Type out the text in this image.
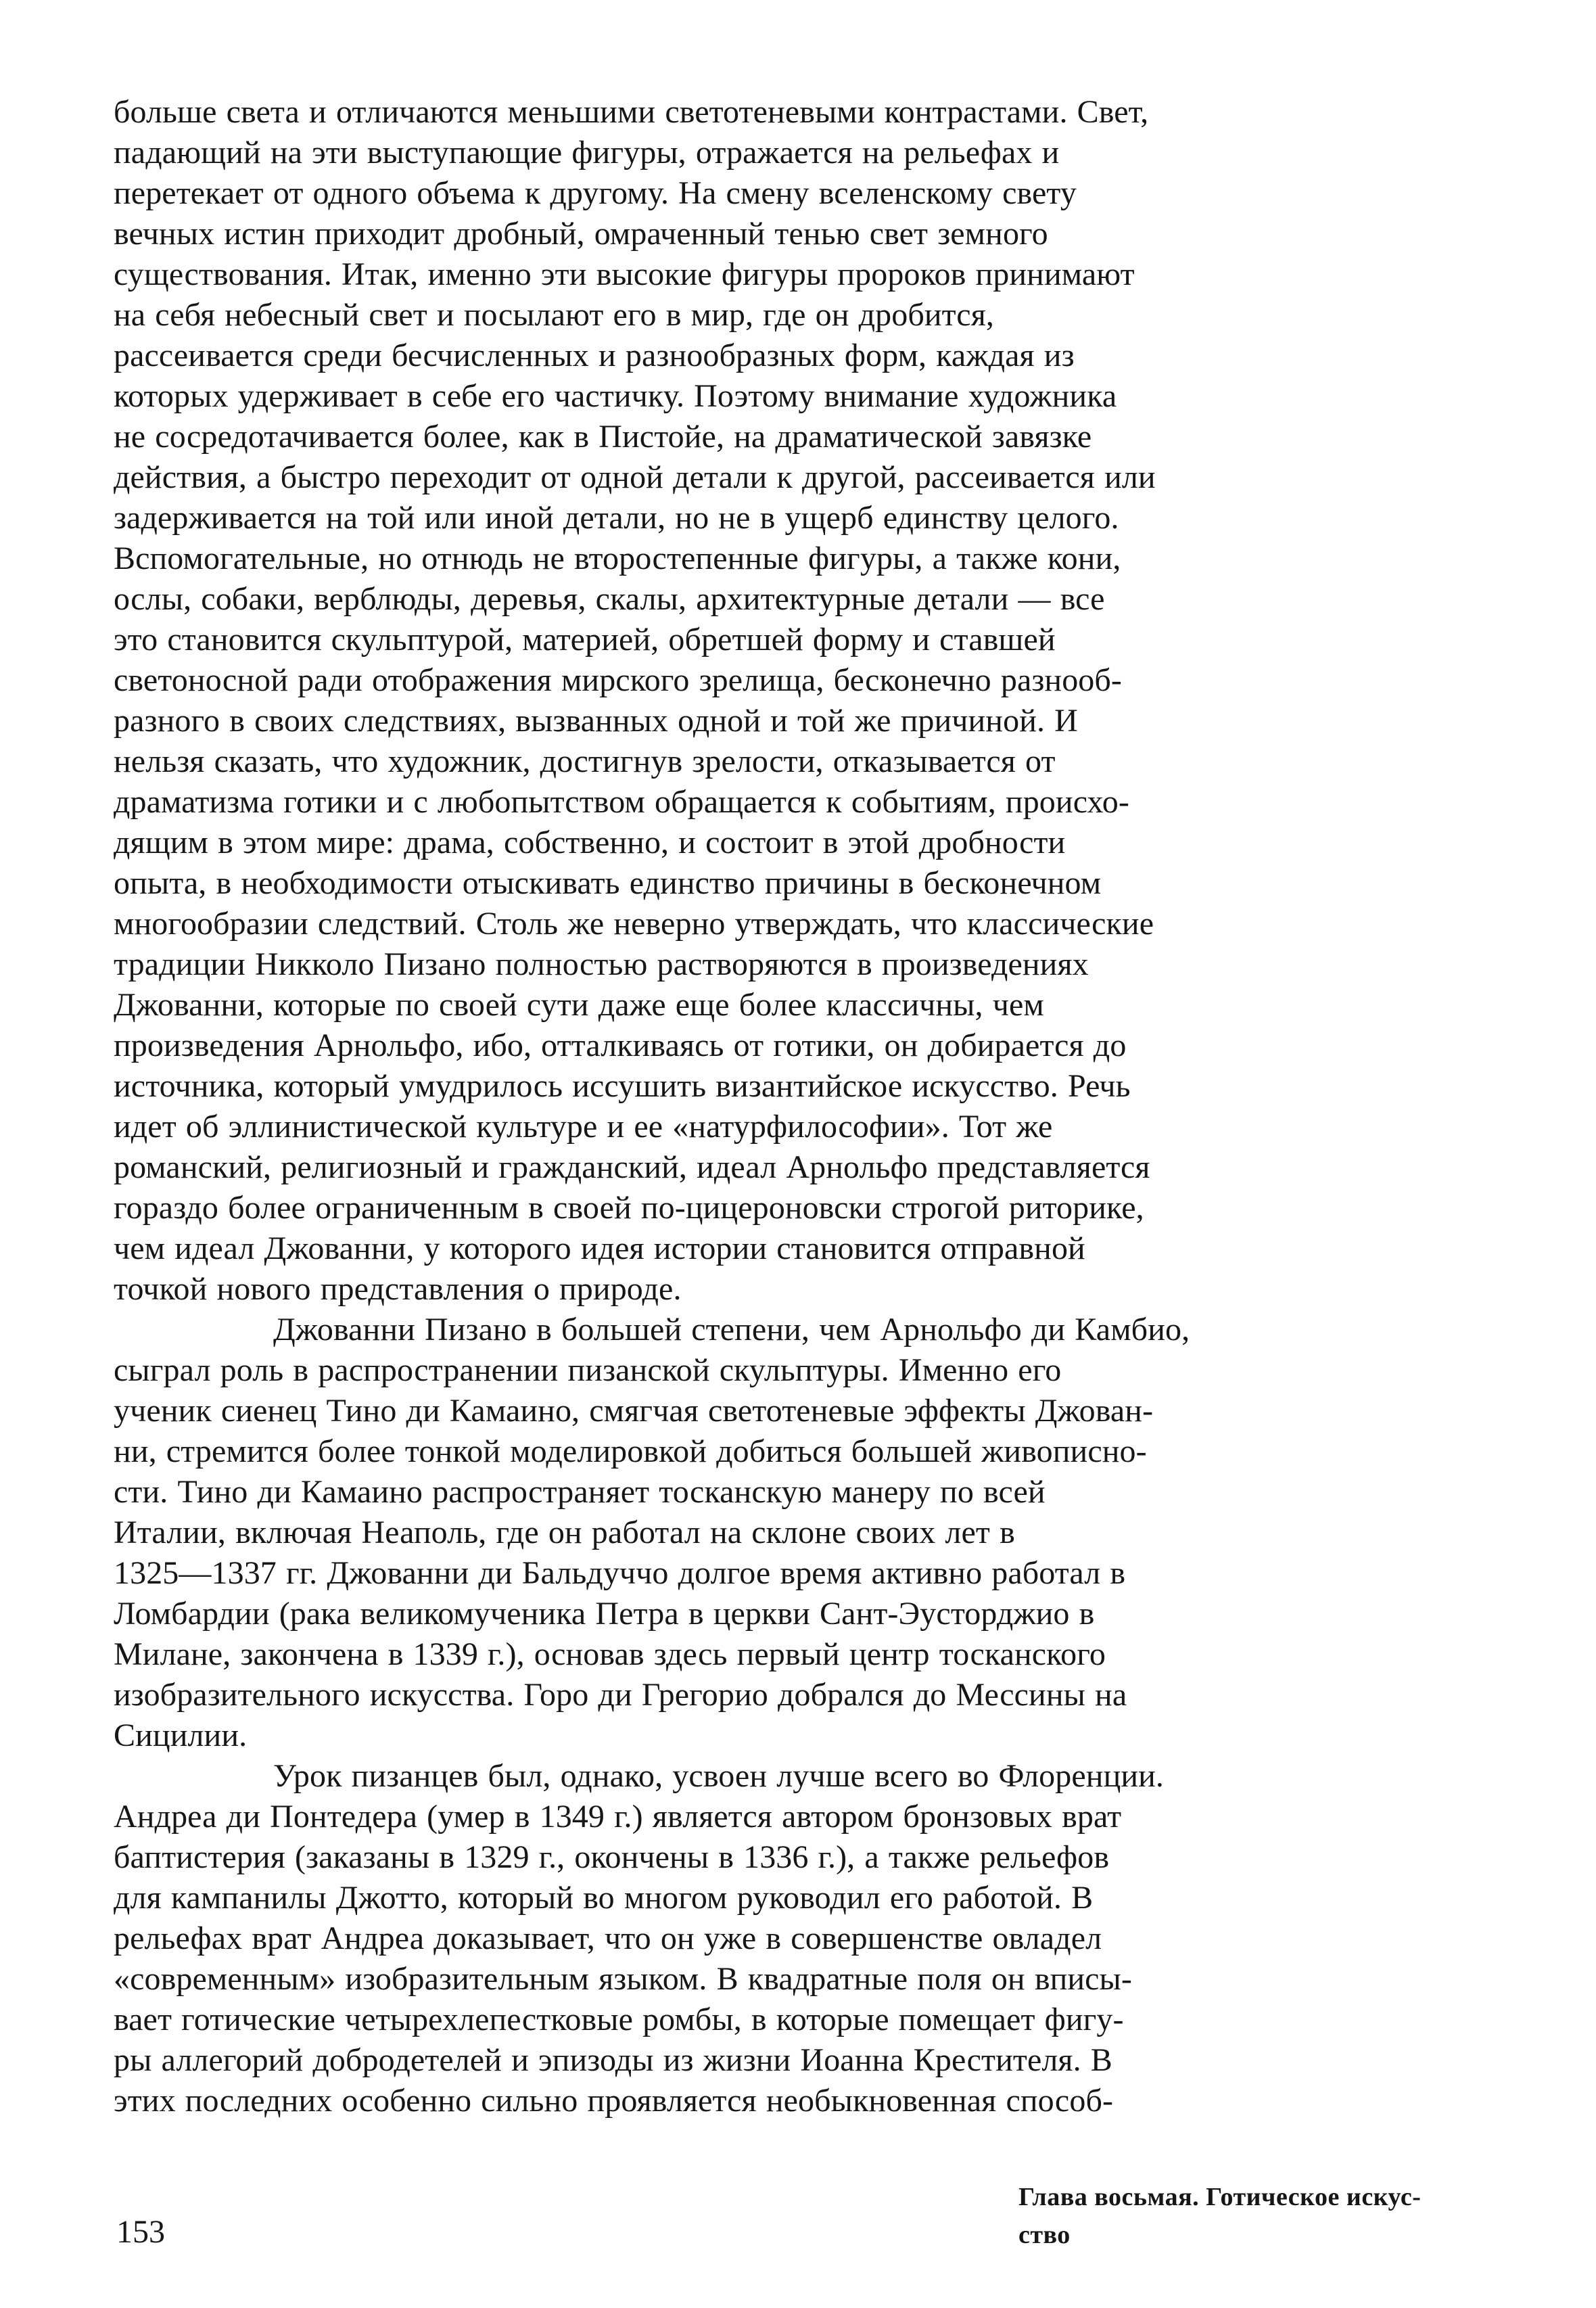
больше света и отличаются меньшими светотеневыми контрастами. Свет,
падающий на эти выступающие фигуры, отражается на рельефах и
перетекает от одного объема к другому. На смену вселенскому свету
вечных истин приходит дробный, омраченный тенью свет земного
существования. Итак, именно эти высокие фигуры пророков принимают
на себя небесный свет и посылают его в мир, где он дробится,
рассеивается среди бесчисленных и разнообразных форм, каждая из
которых удерживает в себе его частичку. Поэтому внимание художника
не сосредотачивается более, как в Пистойе, на драматической завязке
действия, а быстро переходит от одной детали к другой, рассеивается или
задерживается на той или иной детали, но не в ущерб единству целого.
Вспомогательные, но отнюдь не второстепенные фигуры, а также кони,
ослы, собаки, верблюды, деревья, скалы, архитектурные детали — все
это становится скульптурой, материей, обретшей форму и ставшей
светоносной ради отображения мирского зрелища, бесконечно разнооб-
разного в своих следствиях, вызванных одной и той же причиной. И
нельзя сказать, что художник, достигнув зрелости, отказывается от
драматизма готики и с любопытством обращается к событиям, происхо-
дящим в этом мире: драма, собственно, и состоит в этой дробности
опыта, в необходимости отыскивать единство причины в бесконечном
многообразии следствий. Столь же неверно утверждать, что классические
традиции Никколо Пизано полностью растворяются в произведениях
Джованни, которые по своей сути даже еще более классичны, чем
произведения Арнольфо, ибо, отталкиваясь от готики, он добирается до
источника, который умудрилось иссушить византийское искусство. Речь
идет об эллинистической культуре и ее «натурфилософии». Тот же
романский, религиозный и гражданский, идеал Арнольфо представляется
гораздо более ограниченным в своей по-цицероновски строгой риторике,
чем идеал Джованни, у которого идея истории становится отправной
точкой нового представления о природе.
Джованни Пизано в большей степени, чем Арнольфо ди Камбио,
сыграл роль в распространении пизанской скульптуры. Именно его
ученик сиенец Тино ди Камаино, смягчая светотеневые эффекты Джован-
ни, стремится более тонкой моделировкой добиться большей живописно-
сти. Тино ди Камаино распространяет тосканскую манеру по всей
Италии, включая Неаполь, где он работал на склоне своих лет в
1325—1337 гг. Джованни ди Бальдуччо долгое время активно работал в
Ломбардии (рака великомученика Петра в церкви Сант-Эусторджио в
Милане, закончена в 1339 г.), основав здесь первый центр тосканского
изобразительного искусства. Горо ди Грегорио добрался до Мессины на
Сицилии.
Урок пизанцев был, однако, усвоен лучше всего во Флоренции.
Андреа ди Понтедера (умер в 1349 г.) является автором бронзовых врат
баптистерия (заказаны в 1329 г., окончены в 1336 г.), а также рельефов
для кампанилы Джотто, который во многом руководил его работой. В
рельефах врат Андреа доказывает, что он уже в совершенстве овладел
«современным» изобразительным языком. В квадратные поля он вписы-
вает готические четырехлепестковые ромбы, в которые помещает фигу-
ры аллегорий добродетелей и эпизоды из жизни Иоанна Крестителя. В
этих последних особенно сильно проявляется необыкновенная способ-
153
Глава восьмая. Готическое искус-
ство
